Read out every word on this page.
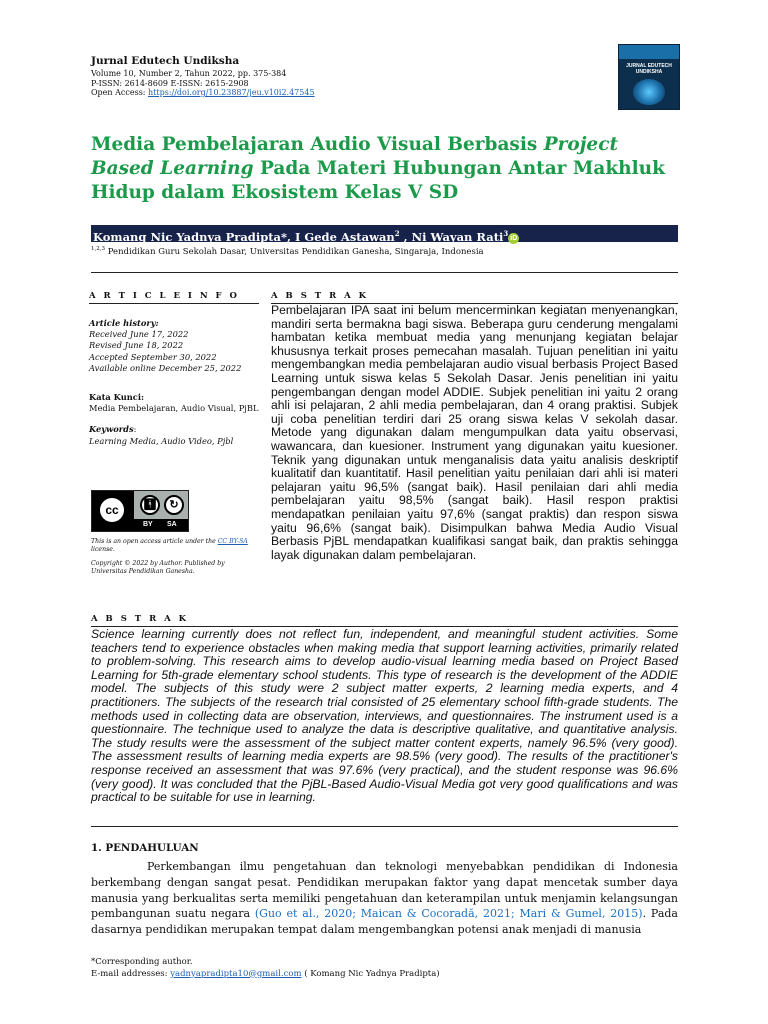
Jurnal Edutech Undiksha
Volume 10, Number 2, Tahun 2022, pp. 375-384
P-ISSN: 2614-8609 E-ISSN: 2615-2908
Open Access: https://doi.org/10.23887/jeu.v10i2.47545
JURNAL EDUTECH UNDIKSHA
Media Pembelajaran Audio Visual Berbasis Project Based Learning Pada Materi Hubungan Antar Makhluk Hidup dalam Ekosistem Kelas V SD
Komang Nic Yadnya Pradipta*, I Gede Astawan$^2$ , Ni Wayan Rati$^3$iD
$^{1,2,3}$ Pendidikan Guru Sekolah Dasar, Universitas Pendidikan Ganesha, Singaraja, Indonesia
A R T I C L E I N F O
Article history:
Received June 17, 2022
Revised June 18, 2022
Accepted September 30, 2022
Available online December 25, 2022
Kata Kunci:
Media Pembelajaran, Audio Visual, PjBL
Keywords:
Learning Media, Audio Video, Pjbl
cc	🚹︎	↻
BY SA
This is an open access article under the CC BY-SA license.
Copyright © 2022 by Author. Published by Universitas Pendidikan Ganesha.
A B S T R A K
Pembelajaran IPA saat ini belum mencerminkan kegiatan menyenangkan, mandiri serta bermakna bagi siswa. Beberapa guru cenderung mengalami hambatan ketika membuat media yang menunjang kegiatan belajar khususnya terkait proses pemecahan masalah. Tujuan penelitian ini yaitu mengembangkan media pembelajaran audio visual berbasis Project Based Learning untuk siswa kelas 5 Sekolah Dasar. Jenis penelitian ini yaitu pengembangan dengan model ADDIE. Subjek penelitian ini yaitu 2 orang ahli isi pelajaran, 2 ahli media pembelajaran, dan 4 orang praktisi. Subjek uji coba penelitian terdiri dari 25 orang siswa kelas V sekolah dasar. Metode yang digunakan dalam mengumpulkan data yaitu observasi, wawancara, dan kuesioner. Instrument yang digunakan yaitu kuesioner. Teknik yang digunakan untuk menganalisis data yaitu analisis deskriptif kualitatif dan kuantitatif. Hasil penelitian yaitu penilaian dari ahli isi materi pelajaran yaitu 96,5% (sangat baik). Hasil penilaian dari ahli media pembelajaran yaitu 98,5% (sangat baik). Hasil respon praktisi mendapatkan penilaian yaitu 97,6% (sangat praktis) dan respon siswa yaitu 96,6% (sangat baik). Disimpulkan bahwa Media Audio Visual Berbasis PjBL mendapatkan kualifikasi sangat baik, dan praktis sehingga layak digunakan dalam pembelajaran.
A B S T R A K
Science learning currently does not reflect fun, independent, and meaningful student activities. Some teachers tend to experience obstacles when making media that support learning activities, primarily related to problem-solving. This research aims to develop audio-visual learning media based on Project Based Learning for 5th-grade elementary school students. This type of research is the development of the ADDIE model. The subjects of this study were 2 subject matter experts, 2 learning media experts, and 4 practitioners. The subjects of the research trial consisted of 25 elementary school fifth-grade students. The methods used in collecting data are observation, interviews, and questionnaires. The instrument used is a questionnaire. The technique used to analyze the data is descriptive qualitative, and quantitative analysis. The study results were the assessment of the subject matter content experts, namely 96.5% (very good). The assessment results of learning media experts are 98.5% (very good). The results of the practitioner's response received an assessment that was 97.6% (very practical), and the student response was 96.6% (very good). It was concluded that the PjBL-Based Audio-Visual Media got very good qualifications and was practical to be suitable for use in learning.
1. PENDAHULUAN
Perkembangan ilmu pengetahuan dan teknologi menyebabkan pendidikan di Indonesia berkembang dengan sangat pesat. Pendidikan merupakan faktor yang dapat mencetak sumber daya manusia yang berkualitas serta memiliki pengetahuan dan keterampilan untuk menjamin kelangsungan pembangunan suatu negara (Guo et al., 2020; Maican & Cocoradă, 2021; Mari & Gumel, 2015). Pada dasarnya pendidikan merupakan tempat dalam mengembangkan potensi anak menjadi di manusia
*Corresponding author.
E-mail addresses: yadnyapradipta10@gmail.com ( Komang Nic Yadnya Pradipta)
